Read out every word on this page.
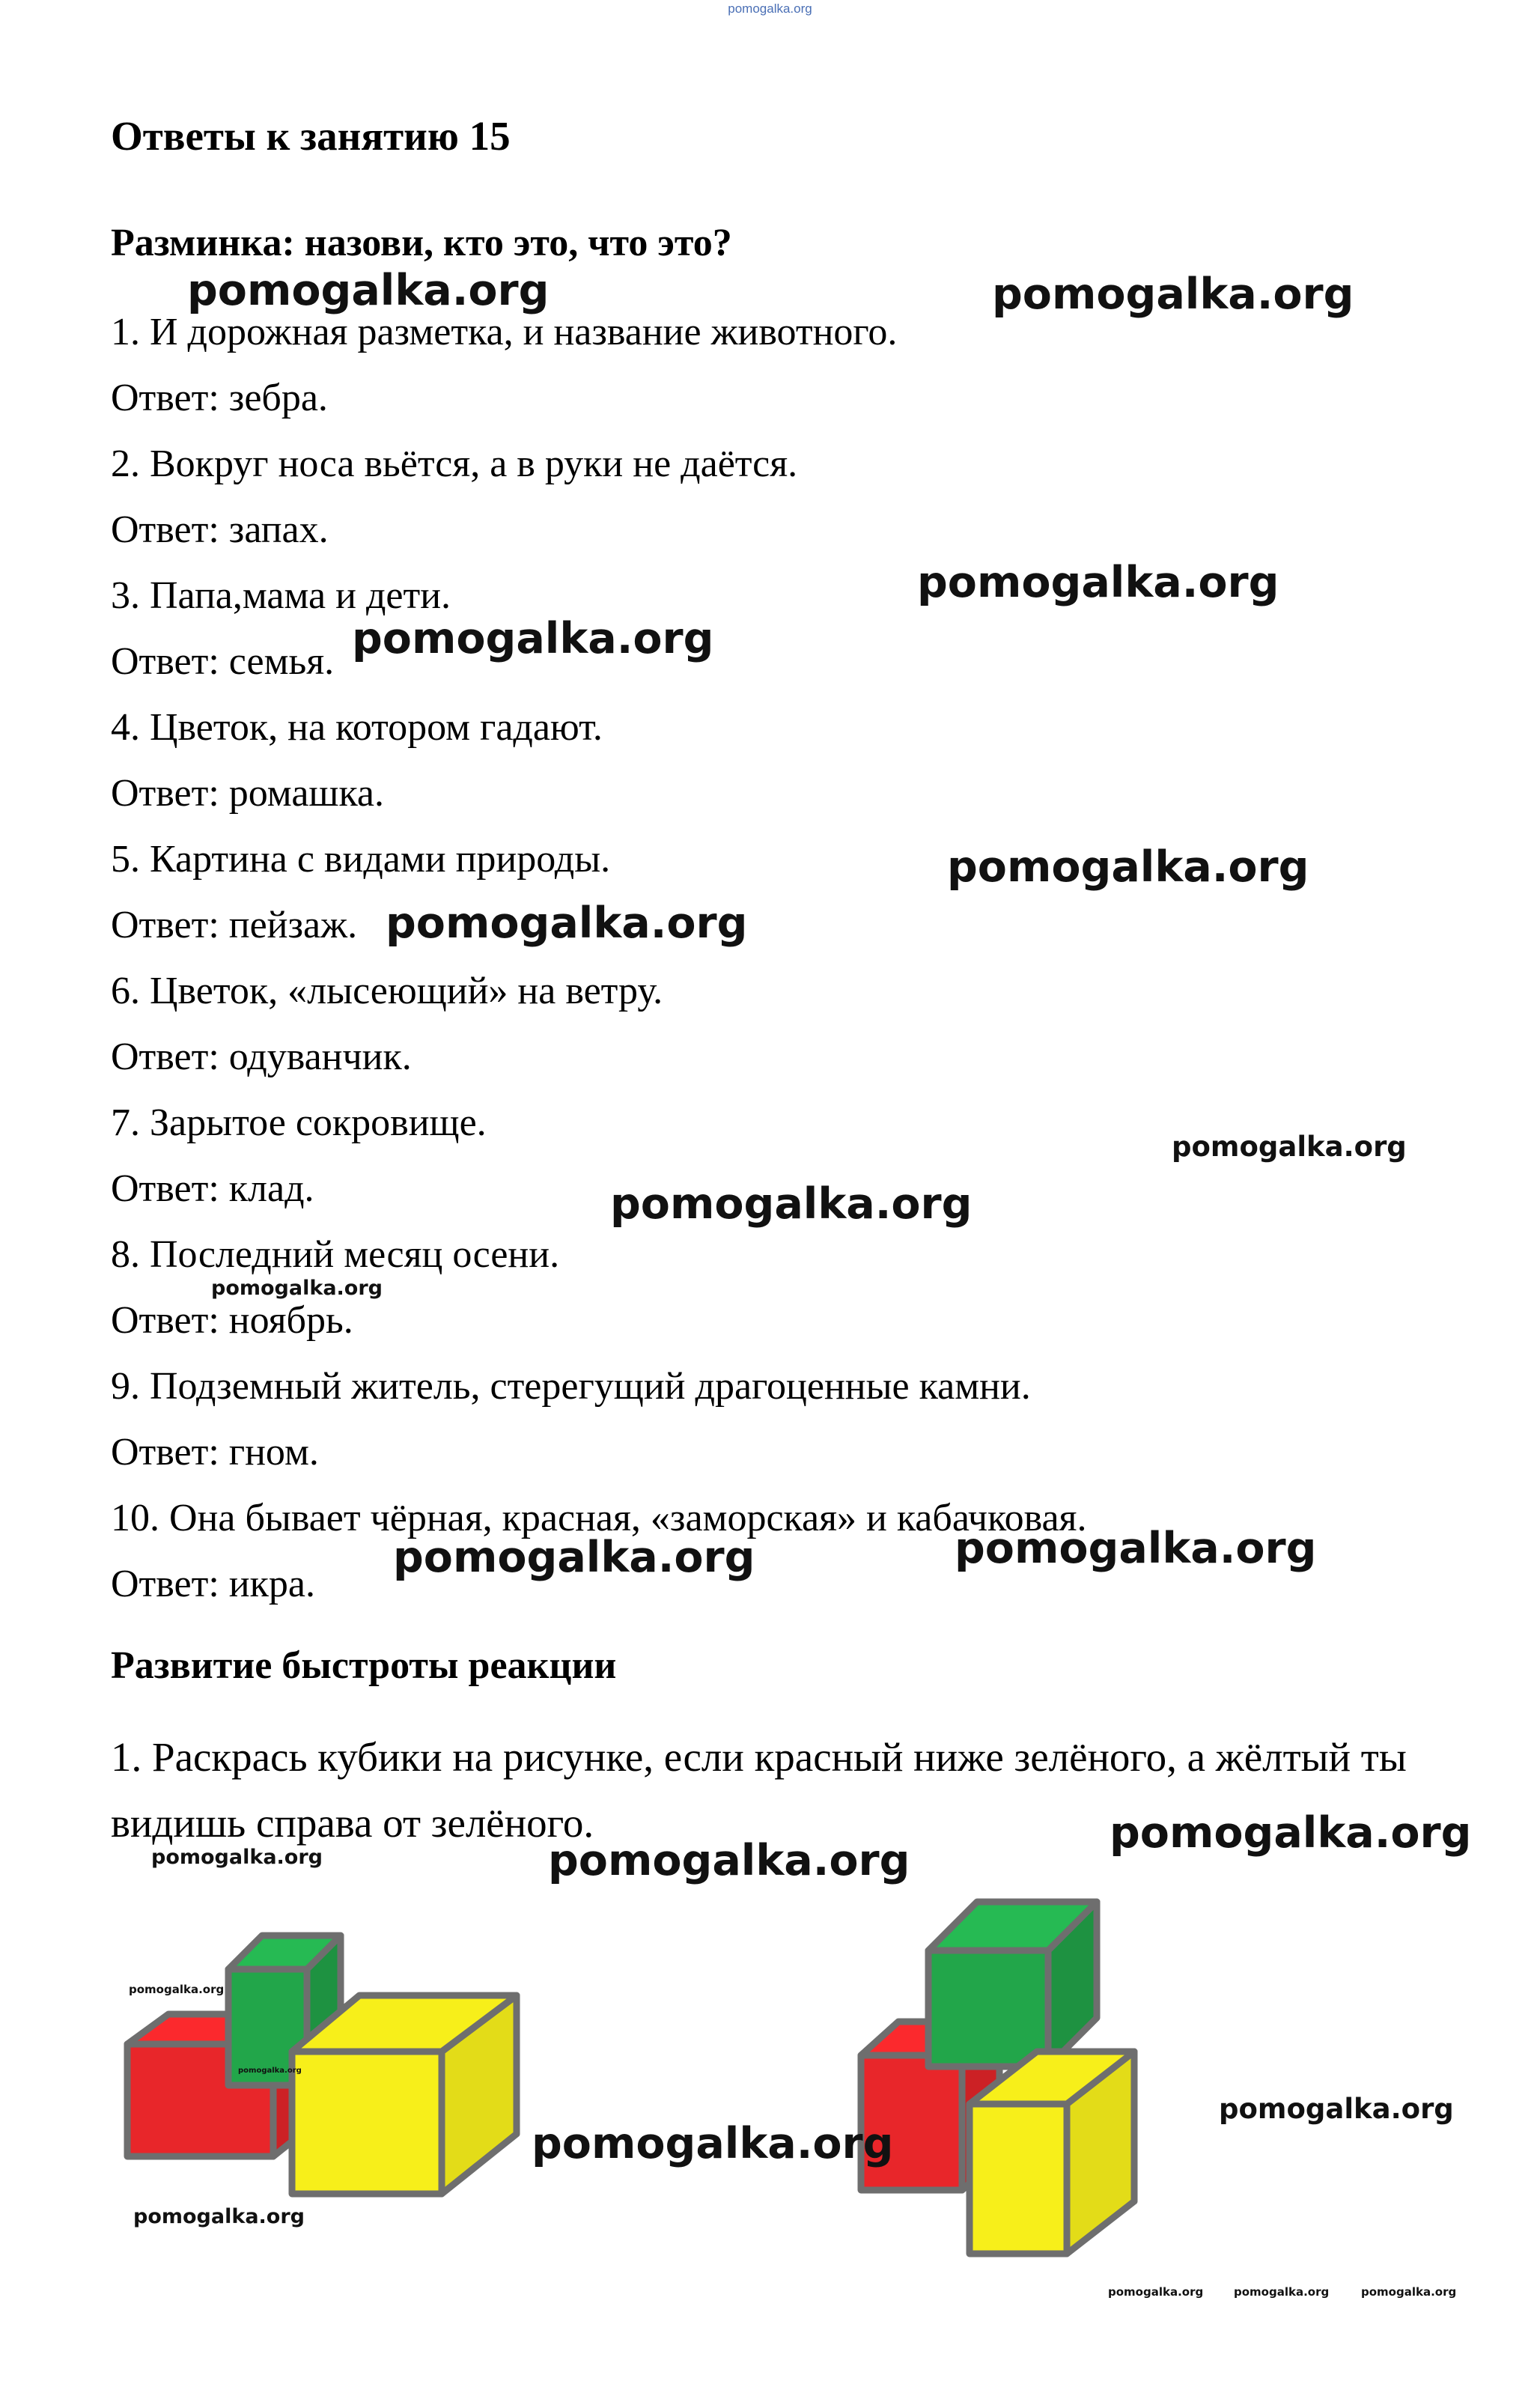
pomogalka.org
Ответы к занятию 15
Разминка: назови, кто это, что это?
1. И дорожная разметка, и название животного.
Ответ: зебра.
2. Вокруг носа вьётся, а в руки не даётся.
Ответ: запах.
3. Папа,мама и дети.
Ответ: семья.
4. Цветок, на котором гадают.
Ответ: ромашка.
5. Картина с видами природы.
Ответ: пейзаж.
6. Цветок, «лысеющий» на ветру.
Ответ: одуванчик.
7. Зарытое сокровище.
Ответ: клад.
8. Последний месяц осени.
Ответ: ноябрь.
9. Подземный житель, стерегущий драгоценные камни.
Ответ: гном.
10. Она бывает чёрная, красная, «заморская» и кабачковая.
Ответ: икра.
Развитие быстроты реакции

1. Раскрась кубики на рисунке, если красный ниже зелёного, а жёлтый ты видишь справа от зелёного.

pomogalka.org	pomogalka.org
pomogalka.org
pomogalka.org
pomogalka.org
pomogalka.org
pomogalka.org
pomogalka.org
pomogalka.org
pomogalka.org	pomogalka.org
pomogalka.org
pomogalka.org	pomogalka.org
pomogalka.org
pomogalka.org
pomogalka.org
pomogalka.org
pomogalka.org
pomogalka.org	pomogalka.org	pomogalka.org
